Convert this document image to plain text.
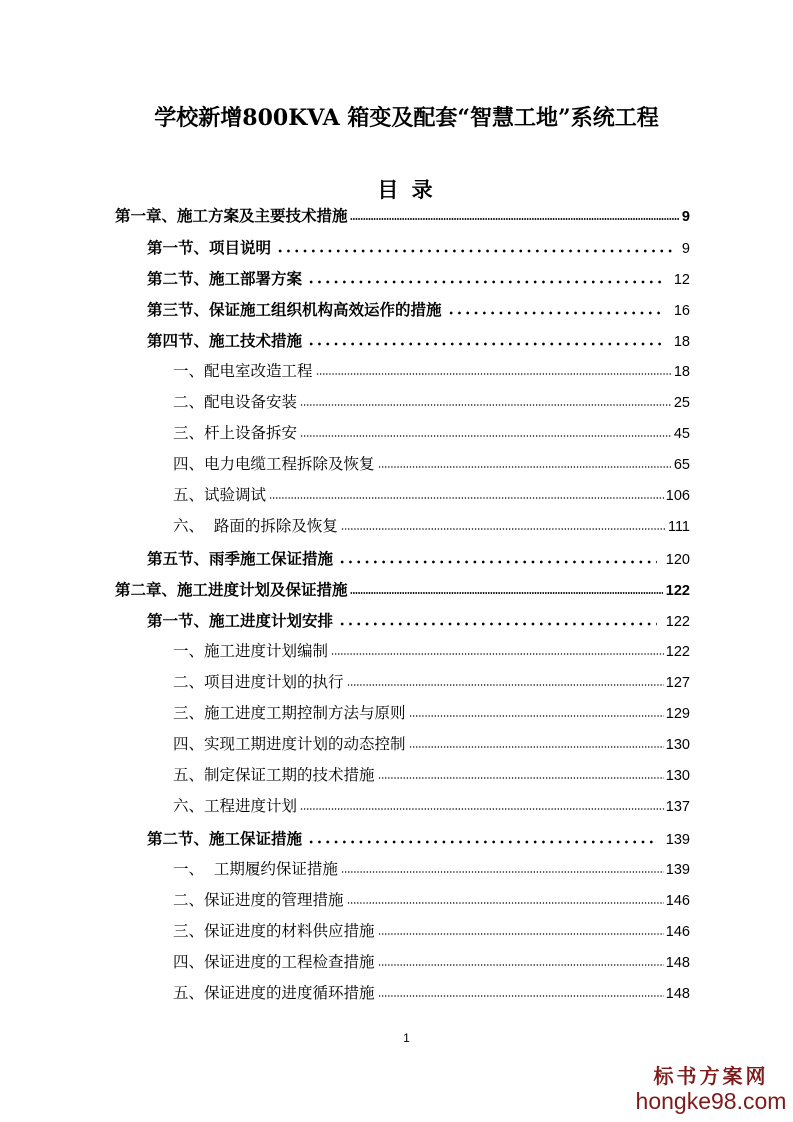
学校新增800KVA 箱变及配套“智慧工地”系统工程
目 录
第一章、施工方案及主要技术措施	9
第一节、项目说明	9
第二节、施工部署方案	12
第三节、保证施工组织机构高效运作的措施	16
第四节、施工技术措施	18
一、配电室改造工程	18
二、配电设备安装	25
三、杆上设备拆安	45
四、电力电缆工程拆除及恢复	65
五、试验调试	106
六、  路面的拆除及恢复	111
第五节、雨季施工保证措施	120
第二章、施工进度计划及保证措施	122
第一节、施工进度计划安排	122
一、施工进度计划编制	122
二、项目进度计划的执行	127
三、施工进度工期控制方法与原则	129
四、实现工期进度计划的动态控制	130
五、制定保证工期的技术措施	130
六、工程进度计划	137
第二节、施工保证措施	139
一、  工期履约保证措施	139
二、保证进度的管理措施	146
三、保证进度的材料供应措施	146
四、保证进度的工程检查措施	148
五、保证进度的进度循环措施	148
1
标书方案网
hongke98.com
